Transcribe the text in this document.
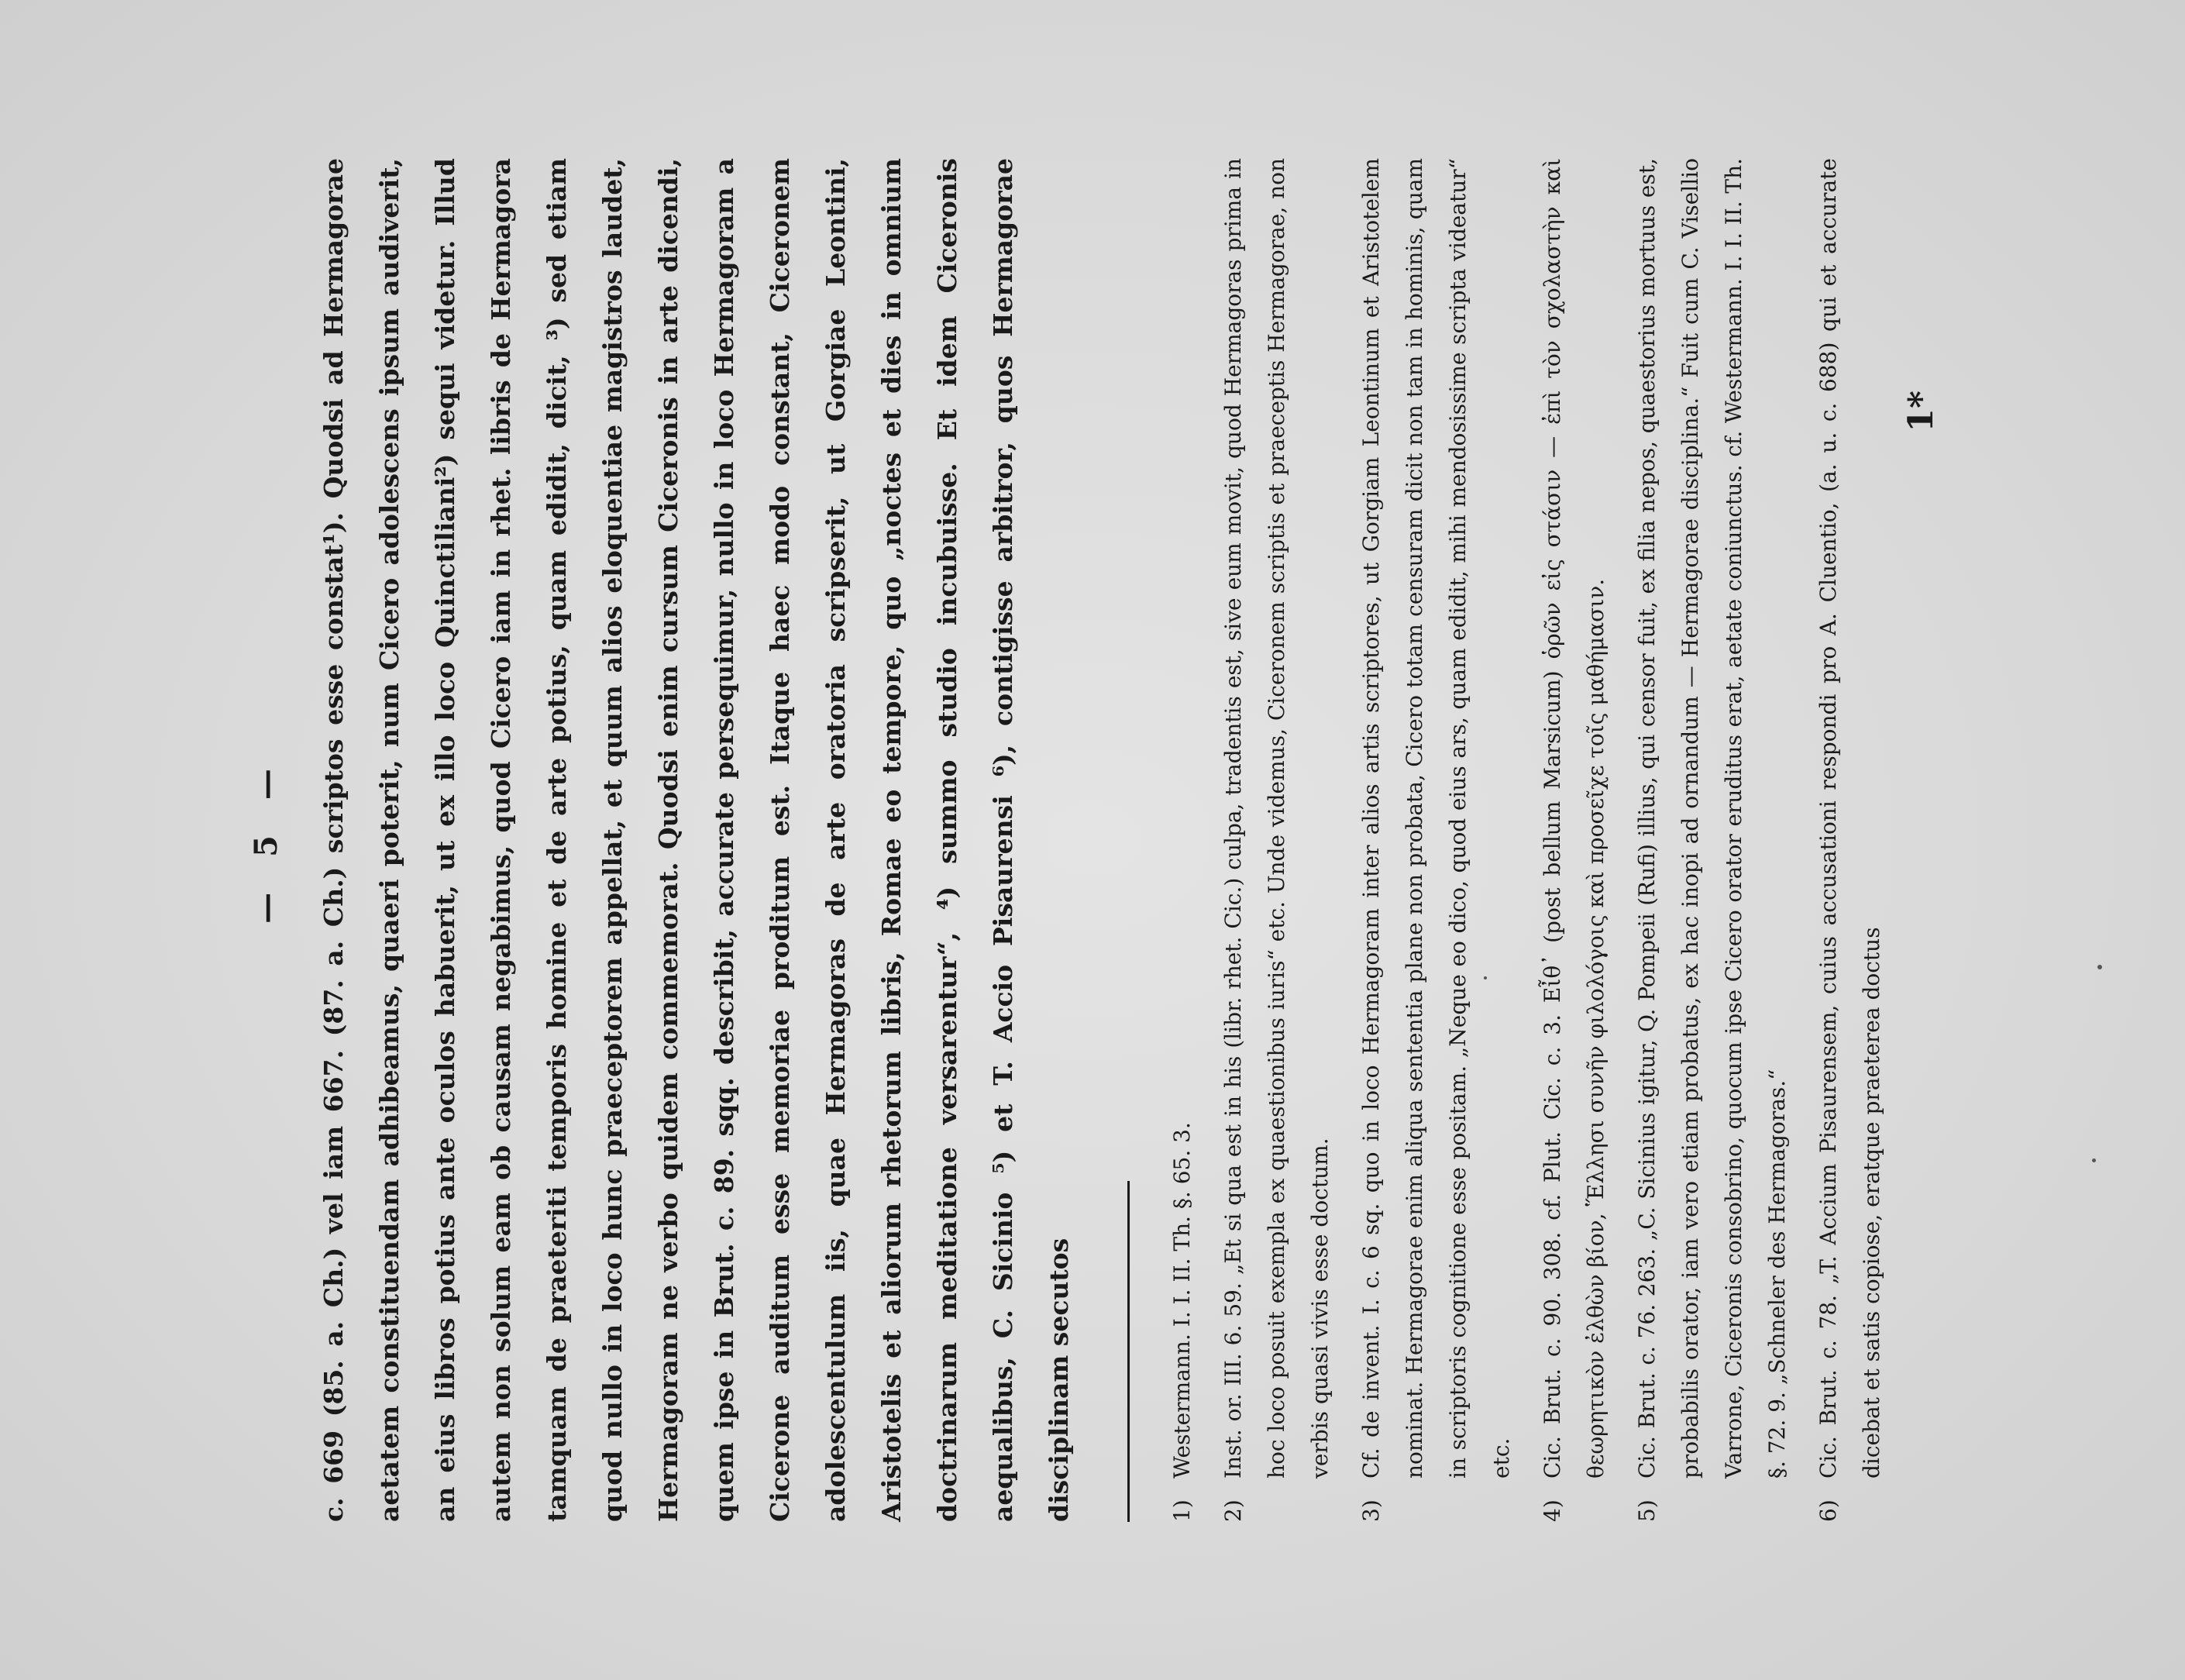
— 5 —	c. 669 (85. a. Ch.) vel iam 667. (87. a. Ch.) scriptos esse constat¹). Quodsi ad Hermagorae aetatem constituendam adhibeamus, quaeri poterit, num Cicero adolescens ipsum audiverit, an eius libros potius ante oculos habuerit, ut ex illo loco Quinctiliani²) sequi videtur. Illud autem non solum eam ob causam negabimus, quod Cicero iam in rhet. libris de Hermagora tamquam de praeteriti temporis homine et de arte potius, quam edidit, dicit, ³) sed etiam quod nullo in loco hunc praeceptorem appellat, et quum alios eloquentiae magistros laudet, Hermagoram ne verbo quidem commemorat. Quodsi enim cursum Ciceronis in arte dicendi, quem ipse in Brut. c. 89. sqq. describit, accurate persequimur, nullo in loco Hermagoram a Cicerone auditum esse memoriae proditum est. Itaque haec modo constant, Ciceronem adolescentulum iis, quae Hermagoras de arte oratoria scripserit, ut Gorgiae Leontini, Aristotelis et aliorum rhetorum libris, Romae eo tempore, quo „noctes et dies in omnium doctrinarum meditatione versarentur“, ⁴) summo studio incubuisse. Et idem Ciceronis aequalibus, C. Sicinio ⁵) et T. Accio Pisaurensi ⁶), contigisse arbitror, quos Hermagorae disciplinam secutos	1)
Westermann. I. I. II. Th. §. 65. 3.
2)
Inst. or. III. 6. 59. „Et si qua est in his (libr. rhet. Cic.) culpa, tradentis est, sive eum movit, quod Hermagoras prima in hoc loco posuit exempla ex quaestionibus iuris“ etc. Unde videmus, Ciceronem scriptis et praeceptis Hermagorae, non verbis quasi vivis esse doctum.
3)
Cf. de invent. I. c. 6 sq. quo in loco Hermagoram inter alios artis scriptores, ut Gorgiam Leontinum et Aristotelem nominat. Hermagorae enim aliqua sententia plane non probata, Cicero totam censuram dicit non tam in hominis, quam in scriptoris cognitione esse positam. „Neque eo dico, quod eius ars, quam edidit, mihi mendosissime scripta videatur“ etc.
4)
Cic. Brut. c. 90. 308. cf. Plut. Cic. c. 3. Εἶθ᾽ (post bellum Marsicum) ὁρῶν εἰς στάσιν — ἐπὶ τὸν σχολαστὴν καὶ θεωρητικὸν ἐλθὼν βίον, Ἕλλησι συνῆν φιλολόγοις καὶ προσεῖχε τοῖς μαθήμασιν.
5)
Cic. Brut. c. 76. 263. „C. Sicinius igitur, Q. Pompeii (Rufi) illius, qui censor fuit, ex filia nepos, quaestorius mortuus est, probabilis orator, iam vero etiam probatus, ex hac inopi ad ornandum — Hermagorae disciplina.“ Fuit cum C. Visellio Varrone, Ciceronis consobrino, quocum ipse Cicero orator eruditus erat, aetate coniunctus. cf. Westermann. I. I. II. Th. §. 72. 9. „Schneler des Hermagoras.“
6)
Cic. Brut. c. 78. „T. Accium Pisaurensem, cuius accusationi respondi pro A. Cluentio, (a. u. c. 688) qui et accurate dicebat et satis copiose, eratque praeterea doctus
1*
